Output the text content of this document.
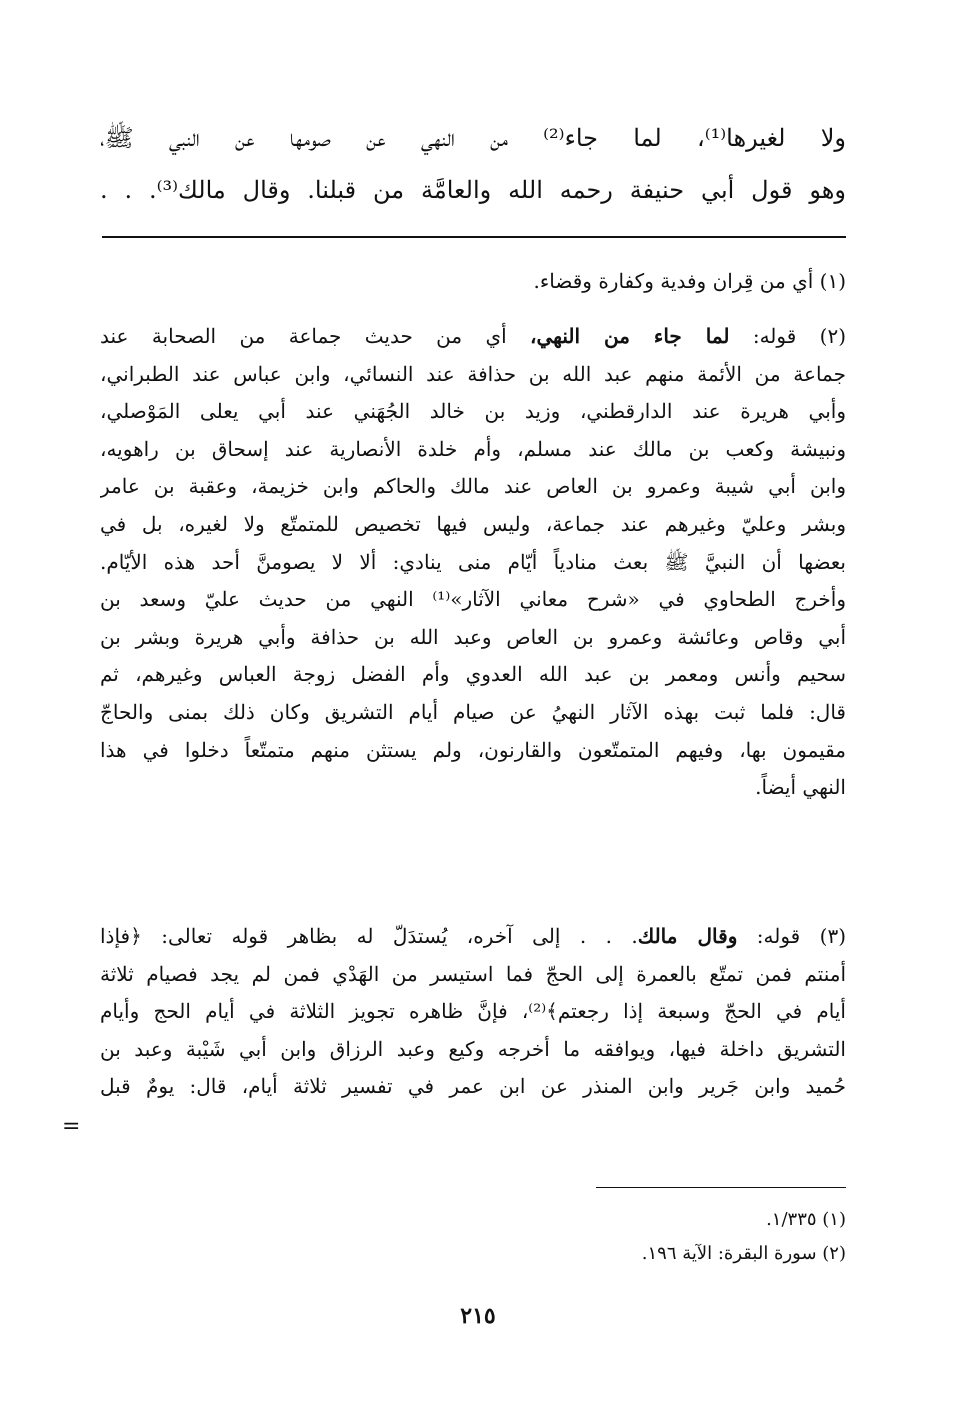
ولا لغيرها⁽¹⁾، لما جاء⁽²⁾ من النهي عن صومها عن النبي ﷺ،
وهو قول أبي حنيفة رحمه الله والعامَّة من قبلنا. وقال مالك⁽³⁾. . .
(١) أي من قِران وفدية وكفارة وقضاء.
(٢) قوله: لما جاء من النهي، أي من حديث جماعة من الصحابة عند
جماعة من الأئمة منهم عبد الله بن حذافة عند النسائي، وابن عباس عند الطبراني،
وأبي هريرة عند الدارقطني، وزيد بن خالد الجُهَني عند أبي يعلى المَوْصلي،
ونبيشة وكعب بن مالك عند مسلم، وأم خلدة الأنصارية عند إسحاق بن راهويه،
وابن أبي شيبة وعمرو بن العاص عند مالك والحاكم وابن خزيمة، وعقبة بن عامر
وبشر وعليّ وغيرهم عند جماعة، وليس فيها تخصيص للمتمتّع ولا لغيره، بل في
بعضها أن النبيَّ ﷺ بعث منادياً أيّام منى ينادي: ألا لا يصومنَّ أحد هذه الأيّام.
وأخرج الطحاوي في «شرح معاني الآثار»⁽¹⁾ النهي من حديث عليّ وسعد بن
أبي وقاص وعائشة وعمرو بن العاص وعبد الله بن حذافة وأبي هريرة وبشر بن
سحيم وأنس ومعمر بن عبد الله العدوي وأم الفضل زوجة العباس وغيرهم، ثم
قال: فلما ثبت بهذه الآثار النهيُ عن صيام أيام التشريق وكان ذلك بمنى والحاجّ
مقيمون بها، وفيهم المتمتّعون والقارنون، ولم يستثن منهم متمتّعاً دخلوا في هذا
النهي أيضاً.
(٣) قوله: وقال مالك. . . إلى آخره، يُستدَلّ له بظاهر قوله تعالى: ﴿فإذا
أمنتم فمن تمتّع بالعمرة إلى الحجّ فما استيسر من الهَدْي فمن لم يجد فصيام ثلاثة
أيام في الحجّ وسبعة إذا رجعتم﴾⁽²⁾، فإنَّ ظاهره تجويز الثلاثة في أيام الحج وأيام
التشريق داخلة فيها، ويوافقه ما أخرجه وكيع وعبد الرزاق وابن أبي شَيْبة وعبد بن
حُميد وابن جَرير وابن المنذر عن ابن عمر في تفسير ثلاثة أيام، قال: يومٌ قبل
=
(١) ١/٣٣٥.
(٢) سورة البقرة: الآية ١٩٦.
٢١٥
